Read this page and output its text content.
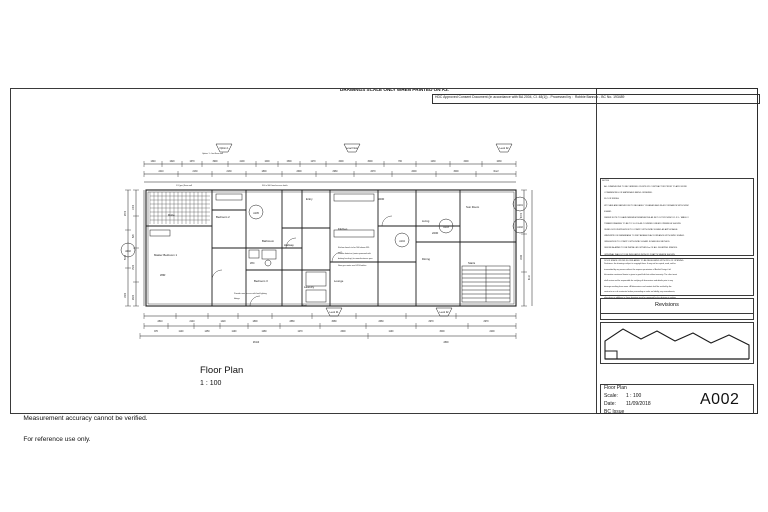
DRAWINGS SCALE ONLY WHEN PRINTED ON A3.
HDC Approved Consent Document (in accordance with BA 2004, Cl. 48(1)) - Processed by :  Robbie Bannoo - BC No. 193489
NOTES

ALL DIMENSIONS TO BE VERIFIED ON SITE BY CONTRACTOR PRIOR TO ANY WORK

COMMENCING OR MATERIALS BEING ORDERED.

FLOOR FINISH:

KITCHEN AND BATHROOM TO BE EASILY CLEANED AND IN ACCORDANCE WITH NZBC

E3/AS1.

REFER NOTE TO HAVE MINIMUM DIMENSIONS AS SET OUT BY NZBC D1.3.3 - TABLE 2.

TIMBER FRAMING TO BE TO 3.4.1 B AS COVERED UNDER OPENINGS SHOWN.

SUBFLOOR VENTILATION TO COMPLY WITH NZBC E2/AS1 AS APPLICABLE.

WATERPROOF MEMBRANE TO WET AREAS IN ACCORDANCE WITH NZBC E3/AS1.

INSULATION TO COMPLY WITH NZBC H1/AS1 SCHEDULE METHOD.

SMOKE ALARMS TO BE INSTALLED WITHIN 3m OF ALL SLEEPING SPACES.

INTERNAL WALLS TO BE INSULATED WITH R2.2 BATTS WHERE SHOWN.

ROOF SPACE CROSS FLOWS AIRED TO BE REGULATED WITH 25% OF OPENING.

Disclaimer: the drawings subject to copyright laws. It may not be copied, used, sold or

transmitted by any means without the express permission of Bartlett Design Ltd.

Information contained herein is given in good faith but without warranty. The client must

shall review and be responsible for verifying all dimensions and details prior to any

damage resulting from same.  All dimensions and content shall be verified by the

contractor or sub contractor before proceeding or make no liability, any amendments,

alterations or additions to these drawings must be approved by the designer in writing.

Revisions
Floor Plan
Scale: 1 : 100
Date: 11/09/2018
BC Issue
A002
Floor Plan
1 : 100

Measurement accuracy cannot be verified.

For reference use only.

1340	1620	1670	3900	4100	1000	1500	1270	3400	3000	700	1230	3400	1030
2410	2130	2130	1800	2600	2960	2070	2000	3000	Roof
2810	2140	1420	1800	2860	3080	2660	2970	2970
970	1140	1450	1100	1280	1270	2600	1100	3000	2200
28110	2800
2870
5180
1820
1300
820
1520
2620
4370
1640
4110
Robe
Master Bedroom 1
Bedroom 2
Bedroom 3
WC
Bathroom
Hallway
Laundry
Kitchen
Lounge
Dining
Living
Sun Room
Entry
Stairs
WIR
3200
2200
Option 1 - first floor wall
900 x 900 fixed access hatch
Kitchen bench to be 900 above FFL
Smoke detector (mains powered with
battery back-up) to manufacturers spec
New gas meter and LPG bottles
Provide new access with bed lighting
fittings
Shelf
1/1 (per) floor wall
A101
A102
A103
A104
A105
A002
Option 1	Level Floor	Level 02
Level 01	Level 02
